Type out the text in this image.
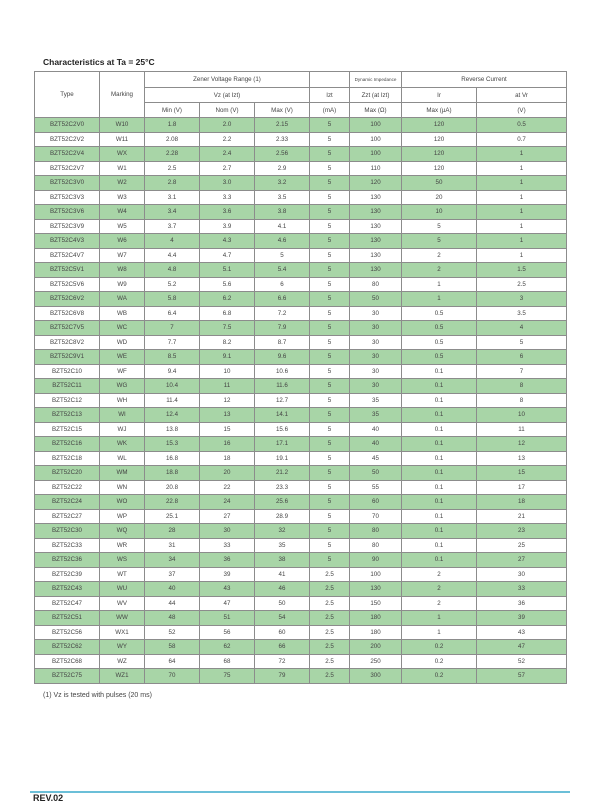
Characteristics at Ta = 25°C
Type	Marking	Zener Voltage Range (1)				Dynamic Impedance	Reverse Current	
		Vz (at Izt)			Izt	Zzt (at Izt)	Ir	at Vr
		Min (V)	Nom (V)	Max (V)	(mA)	Max (Ω)	Max (µA)	(V)
BZT52C2V0	W10	1.8	2.0	2.15	5	100	120	0.5
BZT52C2V2	W11	2.08	2.2	2.33	5	100	120	0.7
BZT52C2V4	WX	2.28	2.4	2.56	5	100	120	1
BZT52C2V7	W1	2.5	2.7	2.9	5	110	120	1
BZT52C3V0	W2	2.8	3.0	3.2	5	120	50	1
BZT52C3V3	W3	3.1	3.3	3.5	5	130	20	1
BZT52C3V6	W4	3.4	3.6	3.8	5	130	10	1
BZT52C3V9	W5	3.7	3.9	4.1	5	130	5	1
BZT52C4V3	W6	4	4.3	4.6	5	130	5	1
BZT52C4V7	W7	4.4	4.7	5	5	130	2	1
BZT52C5V1	W8	4.8	5.1	5.4	5	130	2	1.5
BZT52C5V6	W9	5.2	5.6	6	5	80	1	2.5
BZT52C6V2	WA	5.8	6.2	6.6	5	50	1	3
BZT52C6V8	WB	6.4	6.8	7.2	5	30	0.5	3.5
BZT52C7V5	WC	7	7.5	7.9	5	30	0.5	4
BZT52C8V2	WD	7.7	8.2	8.7	5	30	0.5	5
BZT52C9V1	WE	8.5	9.1	9.6	5	30	0.5	6
BZT52C10	WF	9.4	10	10.6	5	30	0.1	7
BZT52C11	WG	10.4	11	11.6	5	30	0.1	8
BZT52C12	WH	11.4	12	12.7	5	35	0.1	8
BZT52C13	WI	12.4	13	14.1	5	35	0.1	10
BZT52C15	WJ	13.8	15	15.6	5	40	0.1	11
BZT52C16	WK	15.3	16	17.1	5	40	0.1	12
BZT52C18	WL	16.8	18	19.1	5	45	0.1	13
BZT52C20	WM	18.8	20	21.2	5	50	0.1	15
BZT52C22	WN	20.8	22	23.3	5	55	0.1	17
BZT52C24	WO	22.8	24	25.6	5	60	0.1	18
BZT52C27	WP	25.1	27	28.9	5	70	0.1	21
BZT52C30	WQ	28	30	32	5	80	0.1	23
BZT52C33	WR	31	33	35	5	80	0.1	25
BZT52C36	WS	34	36	38	5	90	0.1	27
BZT52C39	WT	37	39	41	2.5	100	2	30
BZT52C43	WU	40	43	46	2.5	130	2	33
BZT52C47	WV	44	47	50	2.5	150	2	36
BZT52C51	WW	48	51	54	2.5	180	1	39
BZT52C56	WX1	52	56	60	2.5	180	1	43
BZT52C62	WY	58	62	66	2.5	200	0.2	47
BZT52C68	WZ	64	68	72	2.5	250	0.2	52
BZT52C75	WZ1	70	75	79	2.5	300	0.2	57
(1) Vz is tested with pulses (20 ms)
REV.02
